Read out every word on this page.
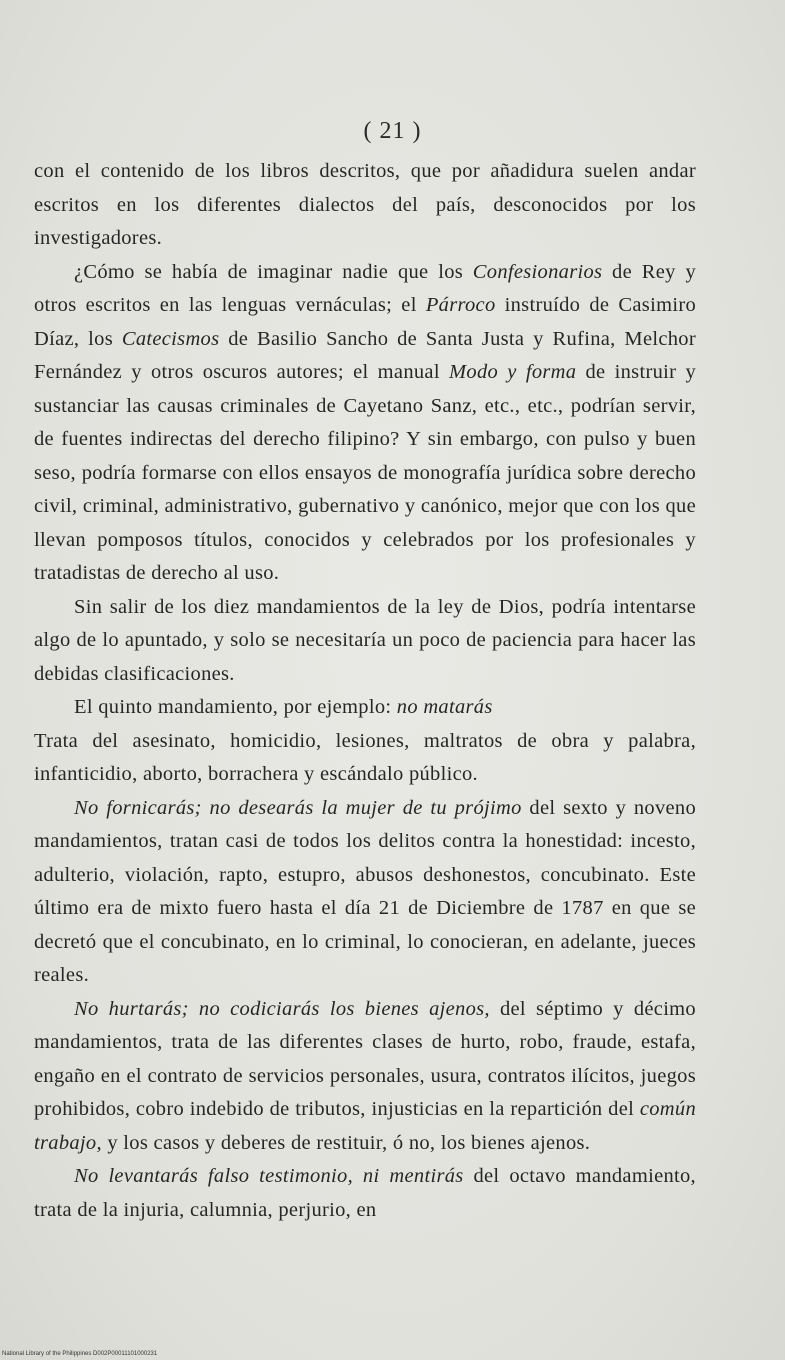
( 21 )

con el contenido de los libros descritos, que por añadidura suelen andar escritos en los diferentes dialectos del país, desconocidos por los investigadores.

¿Cómo se había de imaginar nadie que los Confesionarios de Rey y otros escritos en las lenguas vernáculas; el Párroco instruído de Casimiro Díaz, los Catecismos de Basilio Sancho de Santa Justa y Rufina, Melchor Fernández y otros oscuros autores; el manual Modo y forma de instruir y sustanciar las causas criminales de Cayetano Sanz, etc., etc., podrían servir, de fuentes indirectas del derecho filipino? Y sin embargo, con pulso y buen seso, podría formarse con ellos ensayos de monografía jurídica sobre derecho civil, criminal, administrativo, gubernativo y canónico, mejor que con los que llevan pomposos títulos, conocidos y celebrados por los profesionales y tratadistas de derecho al uso.

Sin salir de los diez mandamientos de la ley de Dios, podría intentarse algo de lo apuntado, y solo se necesitaría un poco de paciencia para hacer las debidas clasificaciones.

El quinto mandamiento, por ejemplo: no matarás

Trata del asesinato, homicidio, lesiones, maltratos de obra y palabra, infanticidio, aborto, borrachera y escándalo público.

No fornicarás; no desearás la mujer de tu prójimo del sexto y noveno mandamientos, tratan casi de todos los delitos contra la honestidad: incesto, adulterio, violación, rapto, estupro, abusos deshonestos, concubinato. Este último era de mixto fuero hasta el día 21 de Diciembre de 1787 en que se decretó que el concubinato, en lo criminal, lo conocieran, en adelante, jueces reales.

No hurtarás; no codiciarás los bienes ajenos, del séptimo y décimo mandamientos, trata de las diferentes clases de hurto, robo, fraude, estafa, engaño en el contrato de servicios personales, usura, contratos ilícitos, juegos prohibidos, cobro indebido de tributos, injusticias en la repartición del común trabajo, y los casos y deberes de restituir, ó no, los bienes ajenos.

No levantarás falso testimonio, ni mentirás del octavo mandamiento, trata de la injuria, calumnia, perjurio, en

National Library of the Philippines D002P00011101000231
